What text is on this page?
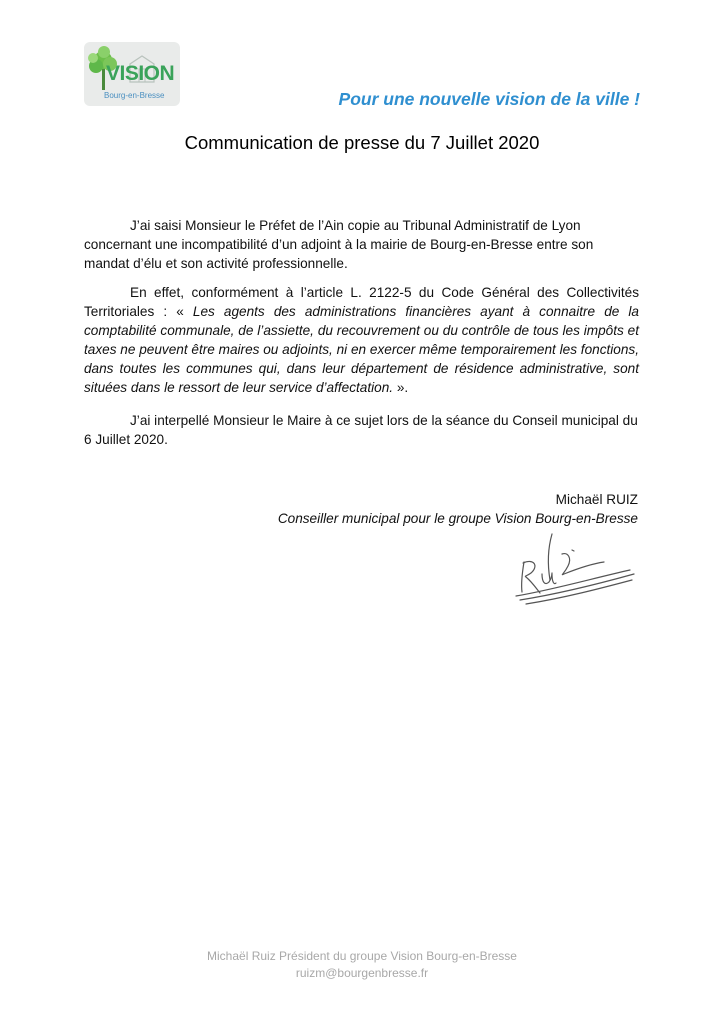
VISION
Bourg-en-Bresse	Pour une nouvelle vision de la ville !
Communication de presse du 7 Juillet 2020
J’ai saisi Monsieur le Préfet de l’Ain copie au Tribunal Administratif de Lyon concernant une incompatibilité d’un adjoint à la mairie de Bourg-en-Bresse entre son mandat d’élu et son activité professionnelle.
En effet, conformément à l’article L. 2122-5 du Code Général des Collectivités Territoriales : « Les agents des administrations financières ayant à connaitre de la comptabilité communale, de l’assiette, du recouvrement ou du contrôle de tous les impôts et taxes ne peuvent être maires ou adjoints, ni en exercer même temporairement les fonctions, dans toutes les communes qui, dans leur département de résidence administrative, sont situées dans le ressort de leur service d’affectation. ».
J’ai interpellé Monsieur le Maire à ce sujet lors de la séance du Conseil municipal du 6 Juillet 2020.
Michaël RUIZ
Conseiller municipal pour le groupe Vision Bourg-en-Bresse
Michaël Ruiz Président du groupe Vision Bourg-en-Bresse
ruizm@bourgenbresse.fr
